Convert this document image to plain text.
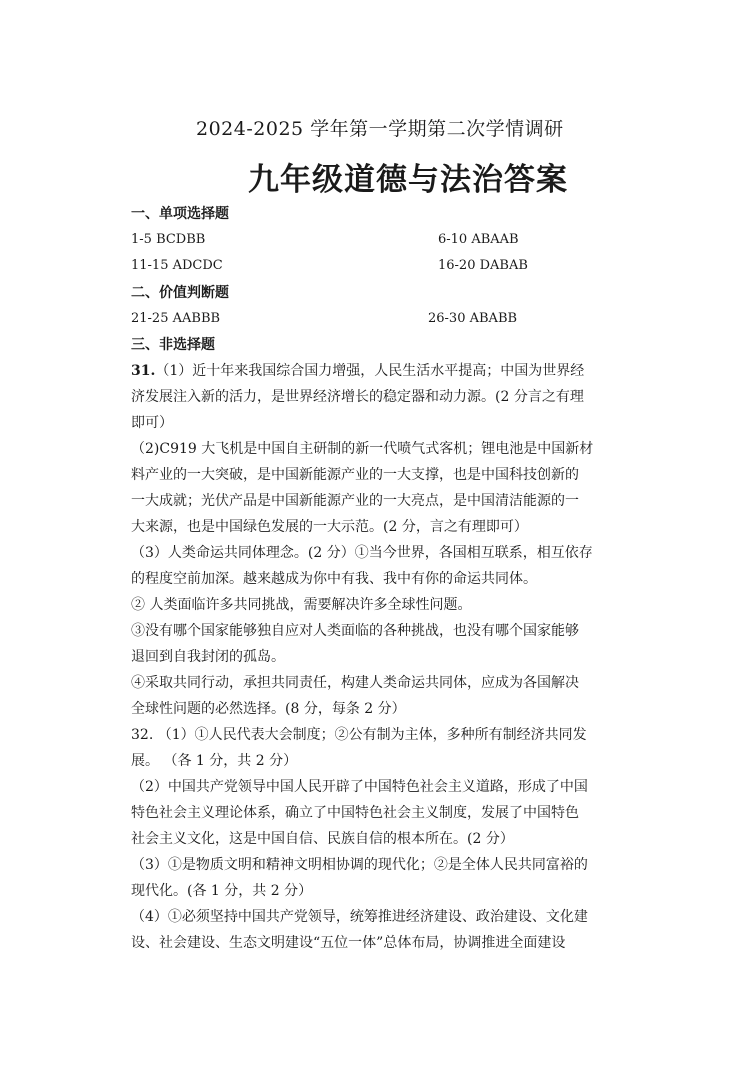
2024-2025 学年第一学期第二次学情调研
九年级道德与法治答案
一、单项选择题
1-5 BCDBB	6-10 ABAAB
11-15 ADCDC	16-20 DABAB
二、价值判断题
21-25 AABBB	26-30 ABABB
三、非选择题
31.（1）近十年来我国综合国力增强，人民生活水平提高；中国为世界经
济发展注入新的活力，是世界经济增长的稳定器和动力源。(2 分言之有理
即可）
（2)C919 大飞机是中国自主研制的新一代喷气式客机；锂电池是中国新材
料产业的一大突破，是中国新能源产业的一大支撑，也是中国科技创新的
一大成就；光伏产品是中国新能源产业的一大亮点，是中国清洁能源的一
大来源，也是中国绿色发展的一大示范。(2 分，言之有理即可）
（3）人类命运共同体理念。(2 分）①当今世界，各国相互联系，相互依存
的程度空前加深。越来越成为你中有我、我中有你的命运共同体。
② 人类面临许多共同挑战，需要解决许多全球性问题。
③没有哪个国家能够独自应对人类面临的各种挑战，也没有哪个国家能够
退回到自我封闭的孤岛。
④采取共同行动，承担共同责任，构建人类命运共同体，应成为各国解决
全球性问题的必然选择。(8 分，每条 2 分）
32. （1）①人民代表大会制度；②公有制为主体，多种所有制经济共同发
展。 （各 1 分，共 2 分）
（2）中国共产党领导中国人民开辟了中国特色社会主义道路，形成了中国
特色社会主义理论体系，确立了中国特色社会主义制度，发展了中国特色
社会主义文化，这是中国自信、民族自信的根本所在。(2 分）
（3）①是物质文明和精神文明相协调的现代化；②是全体人民共同富裕的
现代化。(各 1 分，共 2 分）
（4）①必须坚持中国共产党领导，统筹推进经济建设、政治建设、文化建
设、社会建设、生态文明建设“五位一体”总体布局，协调推进全面建设
